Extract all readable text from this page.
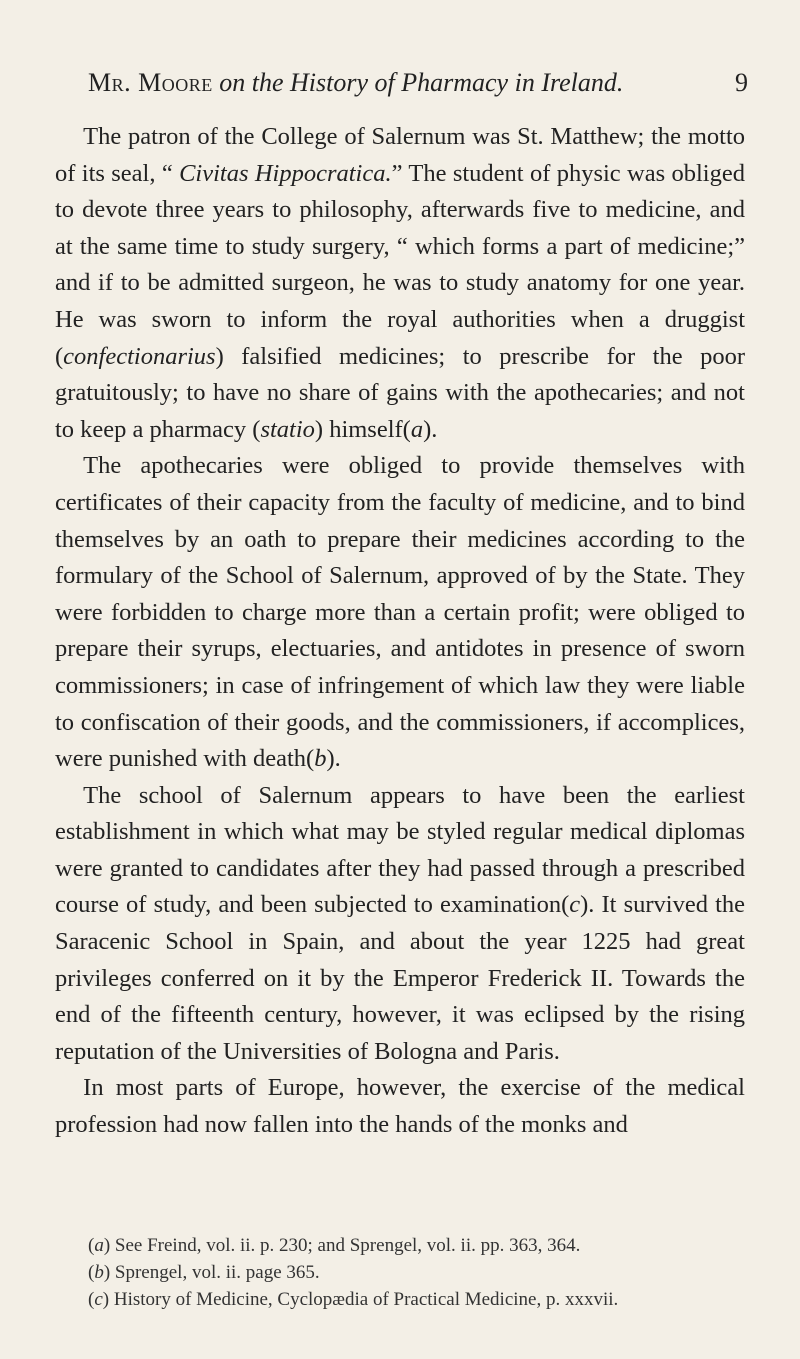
Mr. Moore on the History of Pharmacy in Ireland.	9

The patron of the College of Salernum was St. Matthew; the motto of its seal, “ Civitas Hippocratica.” The student of physic was obliged to devote three years to philosophy, afterwards five to medicine, and at the same time to study surgery, “ which forms a part of medicine;” and if to be admitted surgeon, he was to study anatomy for one year. He was sworn to inform the royal authorities when a druggist (confectionarius) falsified medicines; to prescribe for the poor gratuitously; to have no share of gains with the apothecaries; and not to keep a pharmacy (statio) himself(a).

The apothecaries were obliged to provide themselves with certificates of their capacity from the faculty of medicine, and to bind themselves by an oath to prepare their medicines according to the formulary of the School of Salernum, approved of by the State. They were forbidden to charge more than a certain profit; were obliged to prepare their syrups, electuaries, and antidotes in presence of sworn commissioners; in case of infringement of which law they were liable to confiscation of their goods, and the commissioners, if accomplices, were punished with death(b).

The school of Salernum appears to have been the earliest establishment in which what may be styled regular medical diplomas were granted to candidates after they had passed through a prescribed course of study, and been subjected to examination(c). It survived the Saracenic School in Spain, and about the year 1225 had great privileges conferred on it by the Emperor Frederick II. Towards the end of the fifteenth century, however, it was eclipsed by the rising reputation of the Universities of Bologna and Paris.

In most parts of Europe, however, the exercise of the medical profession had now fallen into the hands of the monks and

(a) See Freind, vol. ii. p. 230; and Sprengel, vol. ii. pp. 363, 364.
(b) Sprengel, vol. ii. page 365.
(c) History of Medicine, Cyclopædia of Practical Medicine, p. xxxvii.
